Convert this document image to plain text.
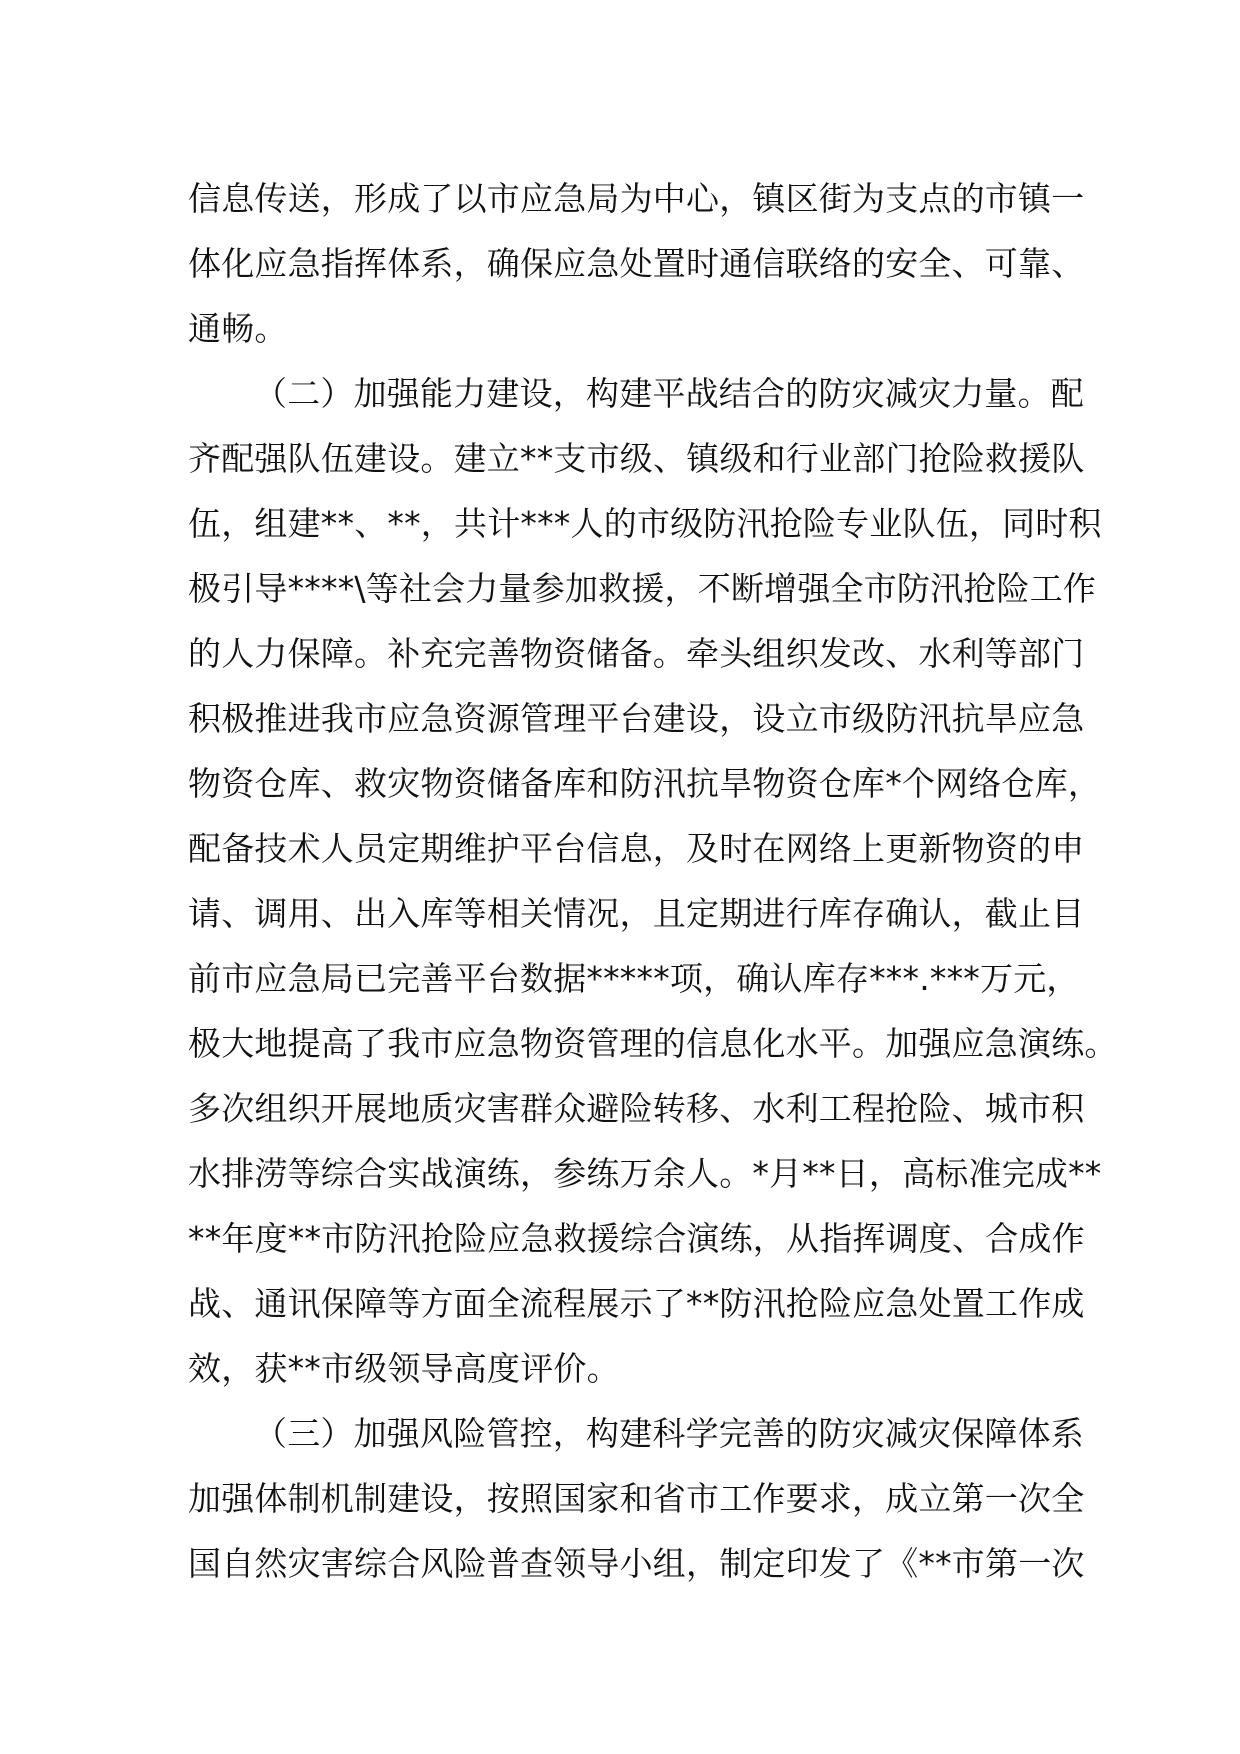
信息传送，形成了以市应急局为中心，镇区街为支点的市镇一
体化应急指挥体系，确保应急处置时通信联络的安全、可靠、
通畅。
（二）加强能力建设，构建平战结合的防灾减灾力量。配
齐配强队伍建设。建立**支市级、镇级和行业部门抢险救援队
伍，组建**、**，共计***人的市级防汛抢险专业队伍，同时积
极引导****\等社会力量参加救援，不断增强全市防汛抢险工作
的人力保障。补充完善物资储备。牵头组织发改、水利等部门
积极推进我市应急资源管理平台建设，设立市级防汛抗旱应急
物资仓库、救灾物资储备库和防汛抗旱物资仓库*个网络仓库，
配备技术人员定期维护平台信息，及时在网络上更新物资的申
请、调用、出入库等相关情况，且定期进行库存确认，截止目
前市应急局已完善平台数据*****项，确认库存***.***万元，
极大地提高了我市应急物资管理的信息化水平。加强应急演练。
多次组织开展地质灾害群众避险转移、水利工程抢险、城市积
水排涝等综合实战演练，参练万余人。*月**日，高标准完成**
**年度**市防汛抢险应急救援综合演练，从指挥调度、合成作
战、通讯保障等方面全流程展示了**防汛抢险应急处置工作成
效，获**市级领导高度评价。
（三）加强风险管控，构建科学完善的防灾减灾保障体系
加强体制机制建设，按照国家和省市工作要求，成立第一次全
国自然灾害综合风险普查领导小组，制定印发了《**市第一次
